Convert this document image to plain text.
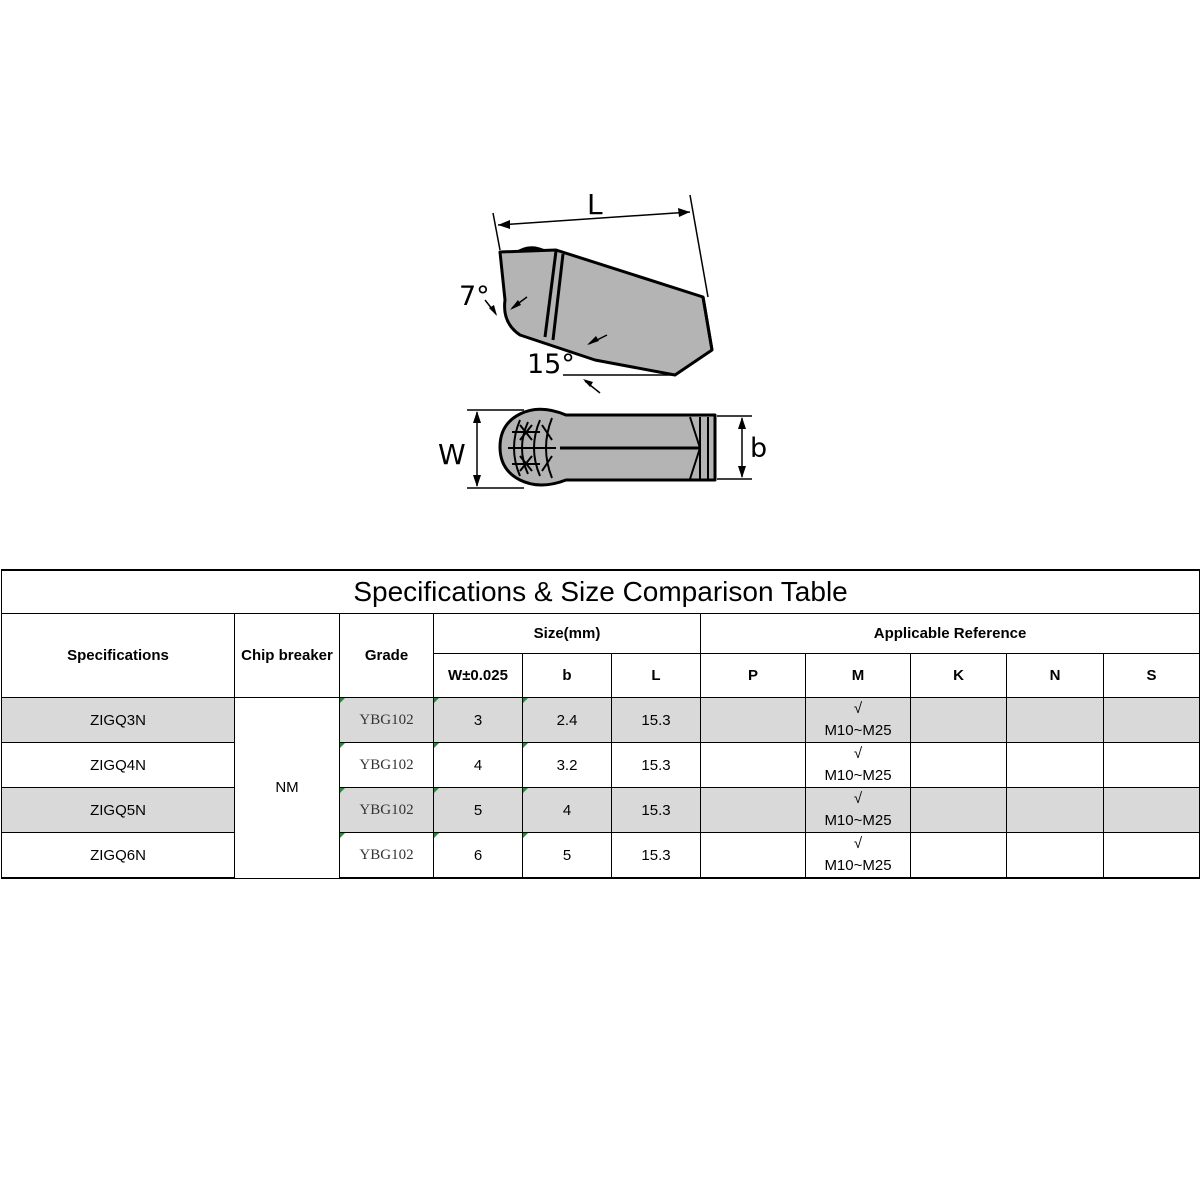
L
7°
15°
W	b
Specifications & Size Comparison Table										
Specifications	Chip breaker	Grade	Size(mm)			Applicable Reference				
			W±0.025	b	L	P	M	K	N	S
ZIGQ3N	NM	YBG102	3	2.4	15.3		√
M10~M25			

ZIGQ4N		YBG102	4	3.2	15.3		√
M10~M25			

ZIGQ5N		YBG102	5	4	15.3		√
M10~M25			

ZIGQ6N		YBG102	6	5	15.3		√
M10~M25			
